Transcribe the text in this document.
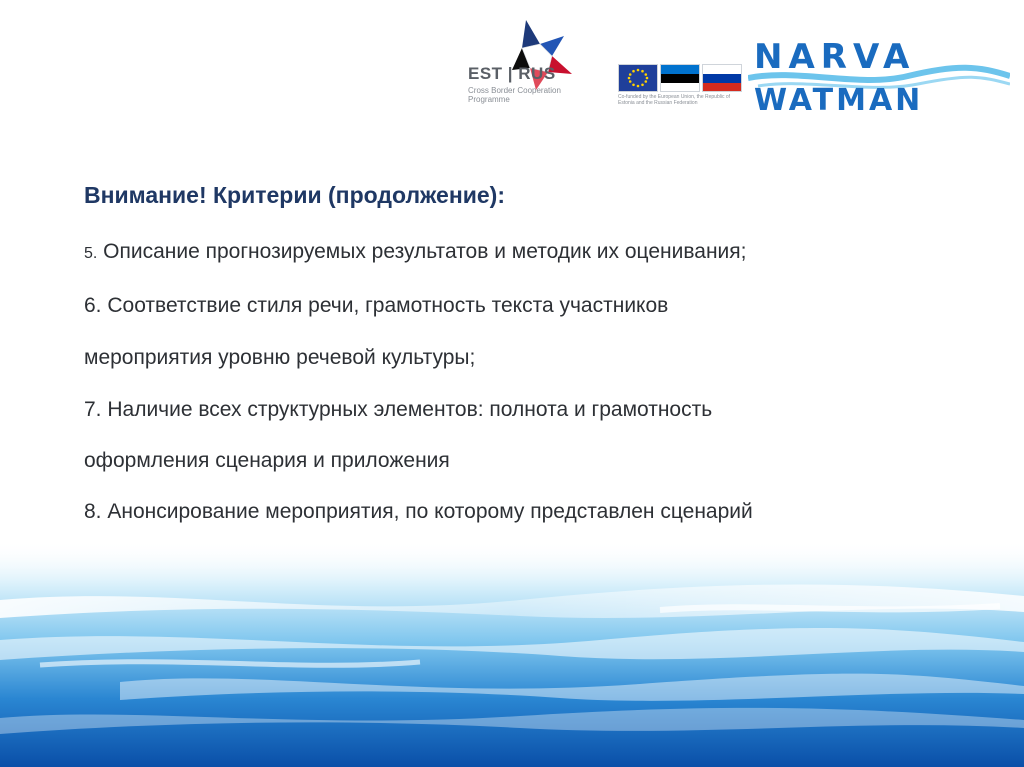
EST | RUS
Cross Border Cooperation Programme	Co-funded by the European Union, the Republic of Estonia and the Russian Federation
NARVA
WATMAN
Внимание! Критерии (продолжение):
5. Описание прогнозируемых результатов и методик их оценивания;
6. Соответствие стиля речи, грамотность текста участников
мероприятия уровню речевой культуры;
7. Наличие всех структурных элементов: полнота и грамотность
оформления сценария и приложения
8. Анонсирование мероприятия, по которому представлен сценарий
